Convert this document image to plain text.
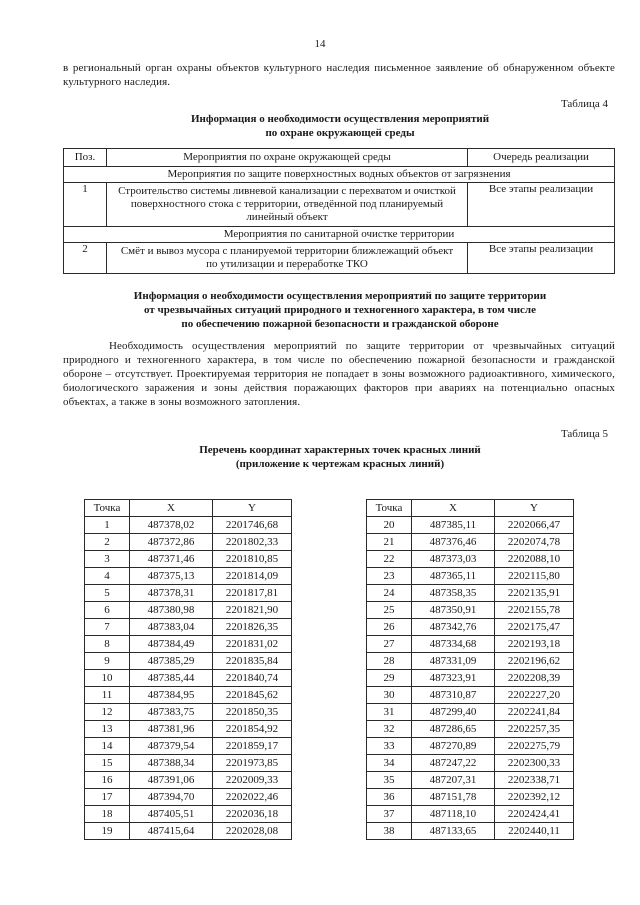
14
в региональный орган охраны объектов культурного наследия письменное заявление об обнаруженном объекте культурного наследия.
Таблица 4
Информация о необходимости осуществления мероприятий
по охране окружающей среды
Поз.	Мероприятия по охране окружающей среды	Очередь реализации
Мероприятия по защите поверхностных водных объектов от загрязнения		
1	Строительство системы ливневой канализации с перехватом и очисткой поверхностного стока с территории, отведённой под планируемый линейный объект	Все этапы реализации
Мероприятия по санитарной очистке территории		
2	Смёт и вывоз мусора с планируемой территории ближлежащий объект по утилизации и переработке ТКО	Все этапы реализации
Информация о необходимости осуществления мероприятий по защите территории
от чрезвычайных ситуаций природного и техногенного характера, в том числе
по обеспечению пожарной безопасности и гражданской обороне
Необходимость осуществления мероприятий по защите территории от чрезвычайных ситуаций природного и техногенного характера, в том числе по обеспечению пожарной безопасности и гражданской обороне – отсутствует. Проектируемая территория не попадает в зоны возможного радиоактивного, химического, биологического заражения и зоны действия поражающих факторов при авариях на потенциально опасных объектах, а также в зоны возможного затопления.
Таблица 5
Перечень координат характерных точек красных линий
(приложение к чертежам красных линий)
Точка	X	Y
1	487378,02	2201746,68
2	487372,86	2201802,33
3	487371,46	2201810,85
4	487375,13	2201814,09
5	487378,31	2201817,81
6	487380,98	2201821,90
7	487383,04	2201826,35
8	487384,49	2201831,02
9	487385,29	2201835,84
10	487385,44	2201840,74
11	487384,95	2201845,62
12	487383,75	2201850,35
13	487381,96	2201854,92
14	487379,54	2201859,17
15	487388,34	2201973,85
16	487391,06	2202009,33
17	487394,70	2202022,46
18	487405,51	2202036,18
19	487415,64	2202028,08
Точка	X	Y
20	487385,11	2202066,47
21	487376,46	2202074,78
22	487373,03	2202088,10
23	487365,11	2202115,80
24	487358,35	2202135,91
25	487350,91	2202155,78
26	487342,76	2202175,47
27	487334,68	2202193,18
28	487331,09	2202196,62
29	487323,91	2202208,39
30	487310,87	2202227,20
31	487299,40	2202241,84
32	487286,65	2202257,35
33	487270,89	2202275,79
34	487247,22	2202300,33
35	487207,31	2202338,71
36	487151,78	2202392,12
37	487118,10	2202424,41
38	487133,65	2202440,11
